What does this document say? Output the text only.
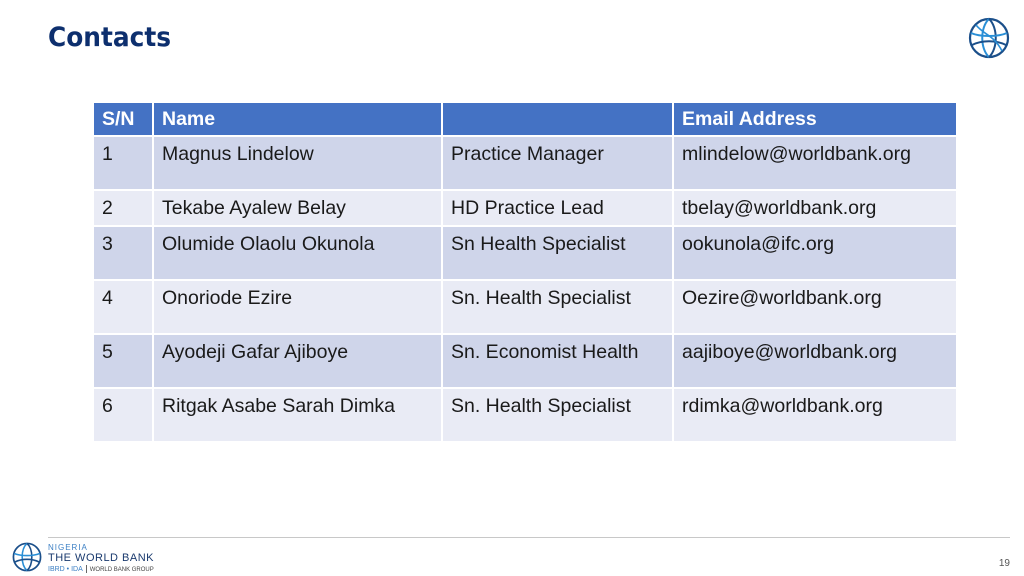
Contacts
S/N	Name		Email Address
1	Magnus Lindelow	Practice Manager	mlindelow@worldbank.org
2	Tekabe Ayalew Belay	HD Practice Lead	tbelay@worldbank.org
3	Olumide Olaolu Okunola	Sn Health Specialist	ookunola@ifc.org
4	Onoriode Ezire	Sn. Health Specialist	Oezire@worldbank.org
5	Ayodeji Gafar Ajiboye	Sn. Economist Health	aajiboye@worldbank.org
6	Ritgak Asabe Sarah Dimka	Sn. Health Specialist	rdimka@worldbank.org
NIGERIA
THE WORLD BANK
IBRD • IDA WORLD BANK GROUP
19
